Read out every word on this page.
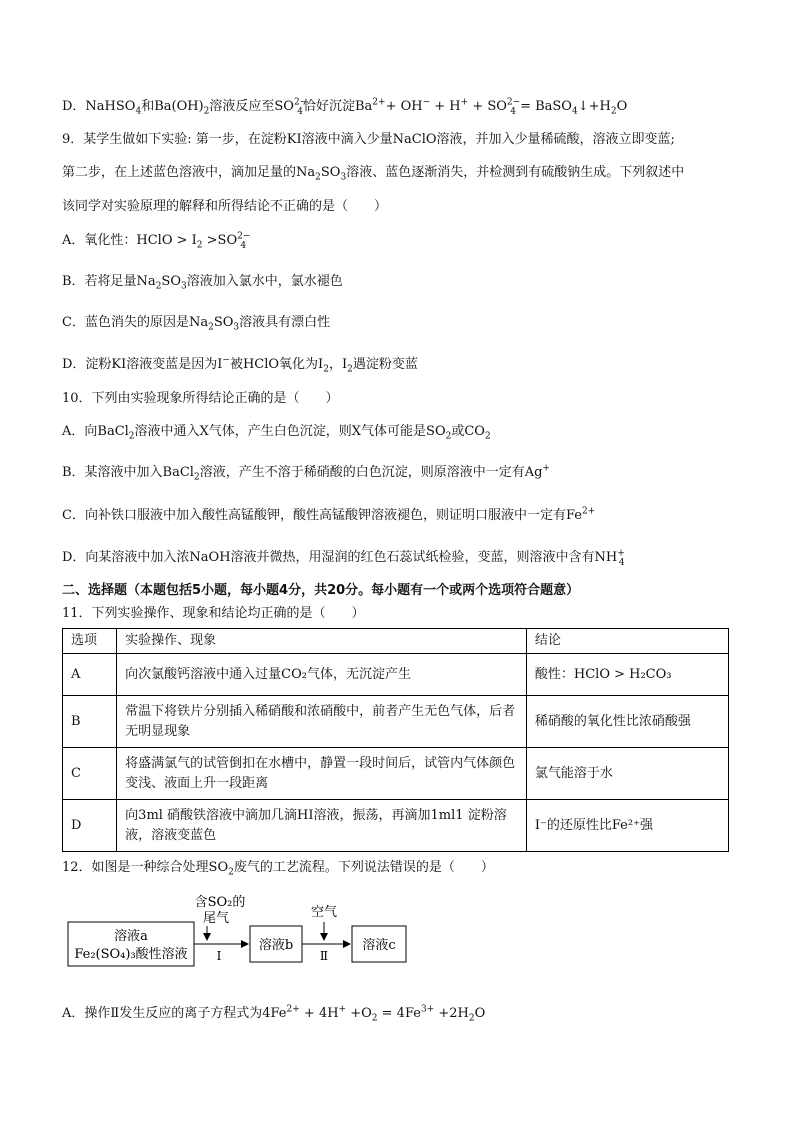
D．NaHSO$_4$和$Ba(OH)_2$溶液反应至$SO^{2-}_4$恰好沉淀$Ba^{2+}+ OH^- + H^+ + SO^{2-}_4$ = $BaSO_4↓+H_2O$
9．某学生做如下实验: 第一步，在淀粉KI溶液中滴入少量NaClO溶液，并加入少量稀硫酸，溶液立即变蓝;
第二步，在上述蓝色溶液中，滴加足量的$Na_2SO_3$溶液、蓝色逐渐消失，并检测到有硫酸钠生成。下列叙述中
该同学对实验原理的解释和所得结论不正确的是（　　）
A．氧化性：HClO > $I_2 >SO^{2-}_4$
B．若将足量$Na_2SO_3$溶液加入氯水中，氯水褪色
C．蓝色消失的原因是$Na_2SO_3$溶液具有漂白性
D．淀粉KI溶液变蓝是因为I−被HClO氧化为$I_2$，$I_2$遇淀粉变蓝
10．下列由实验现象所得结论正确的是（　　）
A．向BaCl$_2$溶液中通入X气体，产生白色沉淀，则X气体可能是$SO_2$或$CO_2$
B．某溶液中加入BaCl$_2$溶液，产生不溶于稀硝酸的白色沉淀，则原溶液中一定有Ag+
C．向补铁口服液中加入酸性高锰酸钾，酸性高锰酸钾溶液褪色，则证明口服液中一定有$Fe^{2+}$
D．向某溶液中加入浓NaOH溶液并微热，用湿润的红色石蕊试纸检验，变蓝，则溶液中含有$NH^+_4$
二、选择题（本题包括5小题，每小题4分，共20分。每小题有一个或两个选项符合题意）
11．下列实验操作、现象和结论均正确的是（　　）
选项	实验操作、现象	结论
A	向次氯酸钙溶液中通入过量CO₂气体，无沉淀产生	酸性：HClO > H₂CO₃
B	常温下将铁片分别插入稀硝酸和浓硝酸中，前者产生无色气体，后者无明显现象	稀硝酸的氧化性比浓硝酸强
C	将盛满氯气的试管倒扣在水槽中，静置一段时间后，试管内气体颜色变浅、液面上升一段距离	氯气能溶于水
D	向3ml 硝酸铁溶液中滴加几滴HI溶液，振荡，再滴加1ml1 淀粉溶液，溶液变蓝色	I⁻的还原性比Fe²⁺强
12．如图是一种综合处理$SO_2$废气的工艺流程。下列说法错误的是（　　）
溶液a
Fe₂(SO₄)₃酸性溶液
含SO₂的
尾气
Ⅰ
溶液b
空气
Ⅱ
溶液c
A．操作Ⅱ发生反应的离子方程式为$4Fe^{2+} + 4H^+ +O_2 = 4Fe^{3+} +2H_2O$
